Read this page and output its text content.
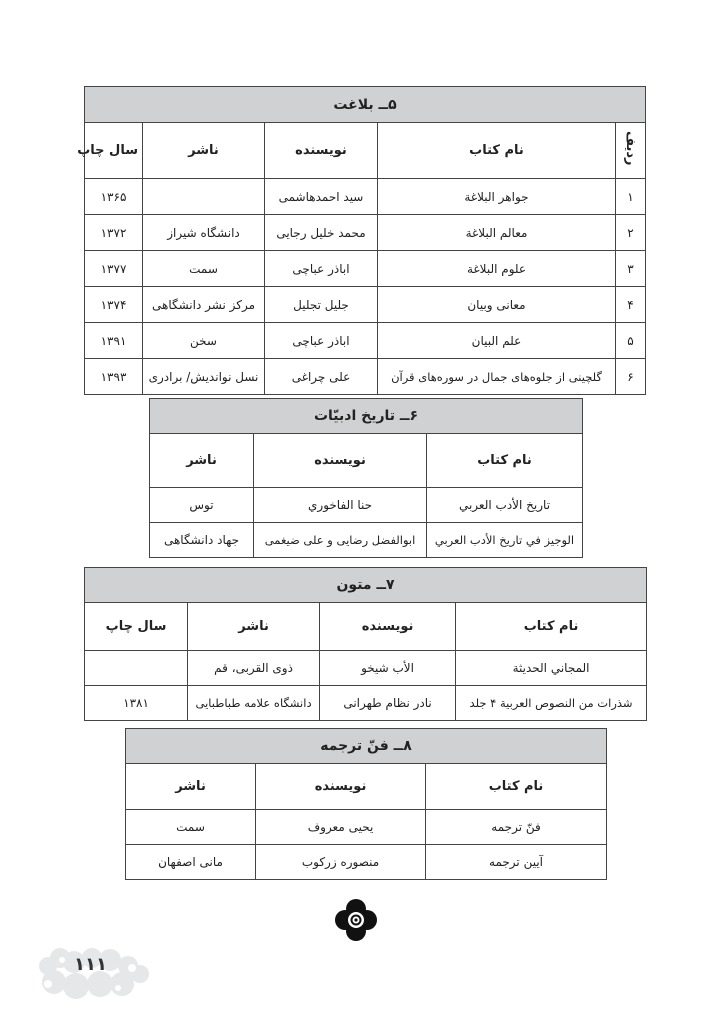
۵ــ بلاغت				
ردیف	نام کتاب	نویسنده	ناشر	سال چاپ
۱	جواهر البلاغة	سید احمدهاشمی		۱۳۶۵
۲	معالم البلاغة	محمد خلیل رجایی	دانشگاه شیراز	۱۳۷۲
۳	علوم البلاغة	اباذر عباچی	سمت	۱۳۷۷
۴	معانی وبیان	جلیل تجلیل	مرکز نشر دانشگاهی	۱۳۷۴
۵	علم البیان	اباذر عباچی	سخن	۱۳۹۱
۶	گلچینی از جلوه‌های جمال در سوره‌های قرآن	علی چراغی	نسل نواندیش/ برادری	۱۳۹۳
۶ــ تاریخ ادبیّات		
نام کتاب	نویسنده	ناشر
تاریخ الأدب العربي	حنا الفاخوري	توس
الوجیز في تاریخ الأدب العربي	ابوالفضل رضایی و علی ضیغمی	جهاد دانشگاهی
۷ــ متون			
نام کتاب	نویسنده	ناشر	سال چاپ
المجاني الحدیثة	الأب شیخو	ذوی القربی، قم	
شذرات من النصوص العربیة ۴ جلد	نادر نظام طهرانی	دانشگاه علامه طباطبایی	۱۳۸۱
۸ــ فنّ ترجمه		
نام کتاب	نویسنده	ناشر
فنّ ترجمه	یحیی معروف	سمت
آیین ترجمه	منصوره زرکوب	مانی اصفهان
۱۱۱
